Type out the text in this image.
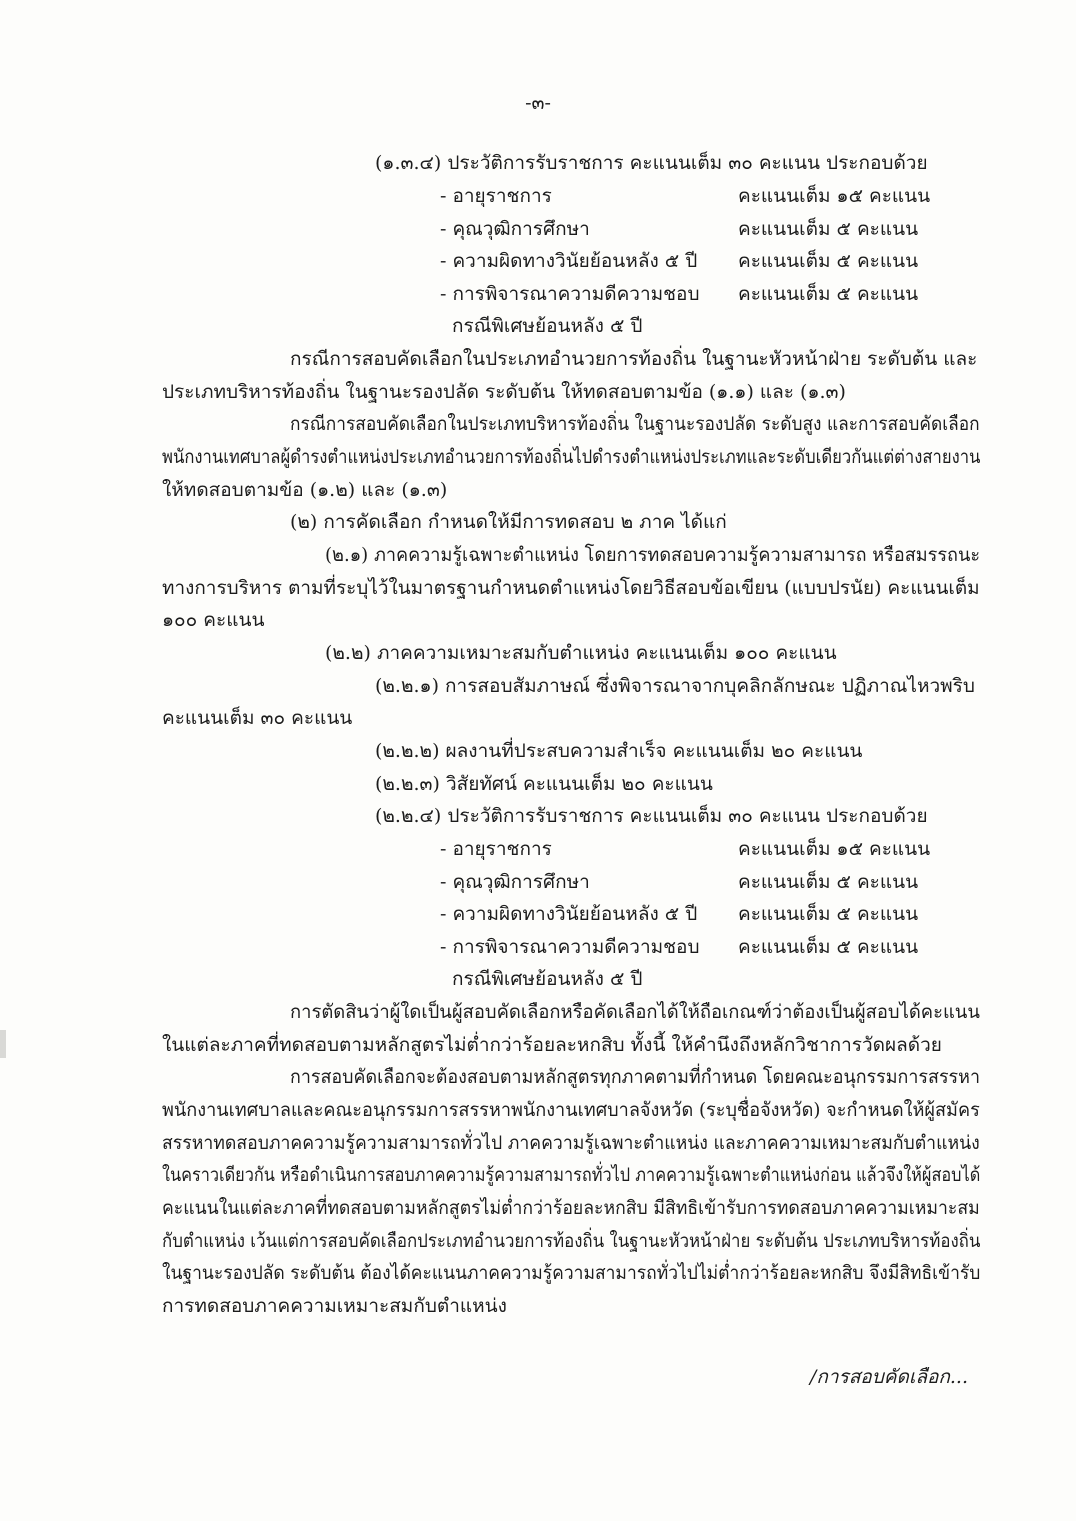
-๓-
(๑.๓.๔) ประวัติการรับราชการ คะแนนเต็ม ๓๐ คะแนน ประกอบด้วย
- อายุราชการ	คะแนนเต็ม ๑๕ คะแนน
- คุณวุฒิการศึกษา	คะแนนเต็ม ๕ คะแนน
- ความผิดทางวินัยย้อนหลัง ๕ ปี คะแนนเต็ม ๕ คะแนน
- การพิจารณาความดีความชอบ คะแนนเต็ม ๕ คะแนน
กรณีพิเศษย้อนหลัง ๕ ปี
กรณีการสอบคัดเลือกในประเภทอำนวยการท้องถิ่น ในฐานะหัวหน้าฝ่าย ระดับต้น และ
ประเภทบริหารท้องถิ่น ในฐานะรองปลัด ระดับต้น ให้ทดสอบตามข้อ (๑.๑) และ (๑.๓)
กรณีการสอบคัดเลือกในประเภทบริหารท้องถิ่น ในฐานะรองปลัด ระดับสูง และการสอบคัดเลือก
พนักงานเทศบาลผู้ดำรงตำแหน่งประเภทอำนวยการท้องถิ่นไปดำรงตำแหน่งประเภทและระดับเดียวกันแต่ต่างสายงาน
ให้ทดสอบตามข้อ (๑.๒) และ (๑.๓)
(๒) การคัดเลือก กำหนดให้มีการทดสอบ ๒ ภาค ได้แก่
(๒.๑) ภาคความรู้เฉพาะตำแหน่ง โดยการทดสอบความรู้ความสามารถ หรือสมรรถนะ
ทางการบริหาร ตามที่ระบุไว้ในมาตรฐานกำหนดตำแหน่งโดยวิธีสอบข้อเขียน (แบบปรนัย) คะแนนเต็ม
๑๐๐ คะแนน
(๒.๒) ภาคความเหมาะสมกับตำแหน่ง คะแนนเต็ม ๑๐๐ คะแนน
(๒.๒.๑) การสอบสัมภาษณ์ ซึ่งพิจารณาจากบุคลิกลักษณะ ปฏิภาณไหวพริบ
คะแนนเต็ม ๓๐ คะแนน
(๒.๒.๒) ผลงานที่ประสบความสำเร็จ คะแนนเต็ม ๒๐ คะแนน
(๒.๒.๓) วิสัยทัศน์ คะแนนเต็ม ๒๐ คะแนน
(๒.๒.๔) ประวัติการรับราชการ คะแนนเต็ม ๓๐ คะแนน ประกอบด้วย
- อายุราชการ	คะแนนเต็ม ๑๕ คะแนน
- คุณวุฒิการศึกษา	คะแนนเต็ม ๕ คะแนน
- ความผิดทางวินัยย้อนหลัง ๕ ปี คะแนนเต็ม ๕ คะแนน
- การพิจารณาความดีความชอบ คะแนนเต็ม ๕ คะแนน
กรณีพิเศษย้อนหลัง ๕ ปี
การตัดสินว่าผู้ใดเป็นผู้สอบคัดเลือกหรือคัดเลือกได้ให้ถือเกณฑ์ว่าต้องเป็นผู้สอบได้คะแนน
ในแต่ละภาคที่ทดสอบตามหลักสูตรไม่ต่ำกว่าร้อยละหกสิบ ทั้งนี้ ให้คำนึงถึงหลักวิชาการวัดผลด้วย
การสอบคัดเลือกจะต้องสอบตามหลักสูตรทุกภาคตามที่กำหนด โดยคณะอนุกรรมการสรรหา
พนักงานเทศบาลและคณะอนุกรรมการสรรหาพนักงานเทศบาลจังหวัด (ระบุชื่อจังหวัด) จะกำหนดให้ผู้สมัคร
สรรหาทดสอบภาคความรู้ความสามารถทั่วไป ภาคความรู้เฉพาะตำแหน่ง และภาคความเหมาะสมกับตำแหน่ง
ในคราวเดียวกัน หรือดำเนินการสอบภาคความรู้ความสามารถทั่วไป ภาคความรู้เฉพาะตำแหน่งก่อน แล้วจึงให้ผู้สอบได้
คะแนนในแต่ละภาคที่ทดสอบตามหลักสูตรไม่ต่ำกว่าร้อยละหกสิบ มีสิทธิเข้ารับการทดสอบภาคความเหมาะสม
กับตำแหน่ง เว้นแต่การสอบคัดเลือกประเภทอำนวยการท้องถิ่น ในฐานะหัวหน้าฝ่าย ระดับต้น ประเภทบริหารท้องถิ่น
ในฐานะรองปลัด ระดับต้น ต้องได้คะแนนภาคความรู้ความสามารถทั่วไปไม่ต่ำกว่าร้อยละหกสิบ จึงมีสิทธิเข้ารับ
การทดสอบภาคความเหมาะสมกับตำแหน่ง
/การสอบคัดเลือก...
